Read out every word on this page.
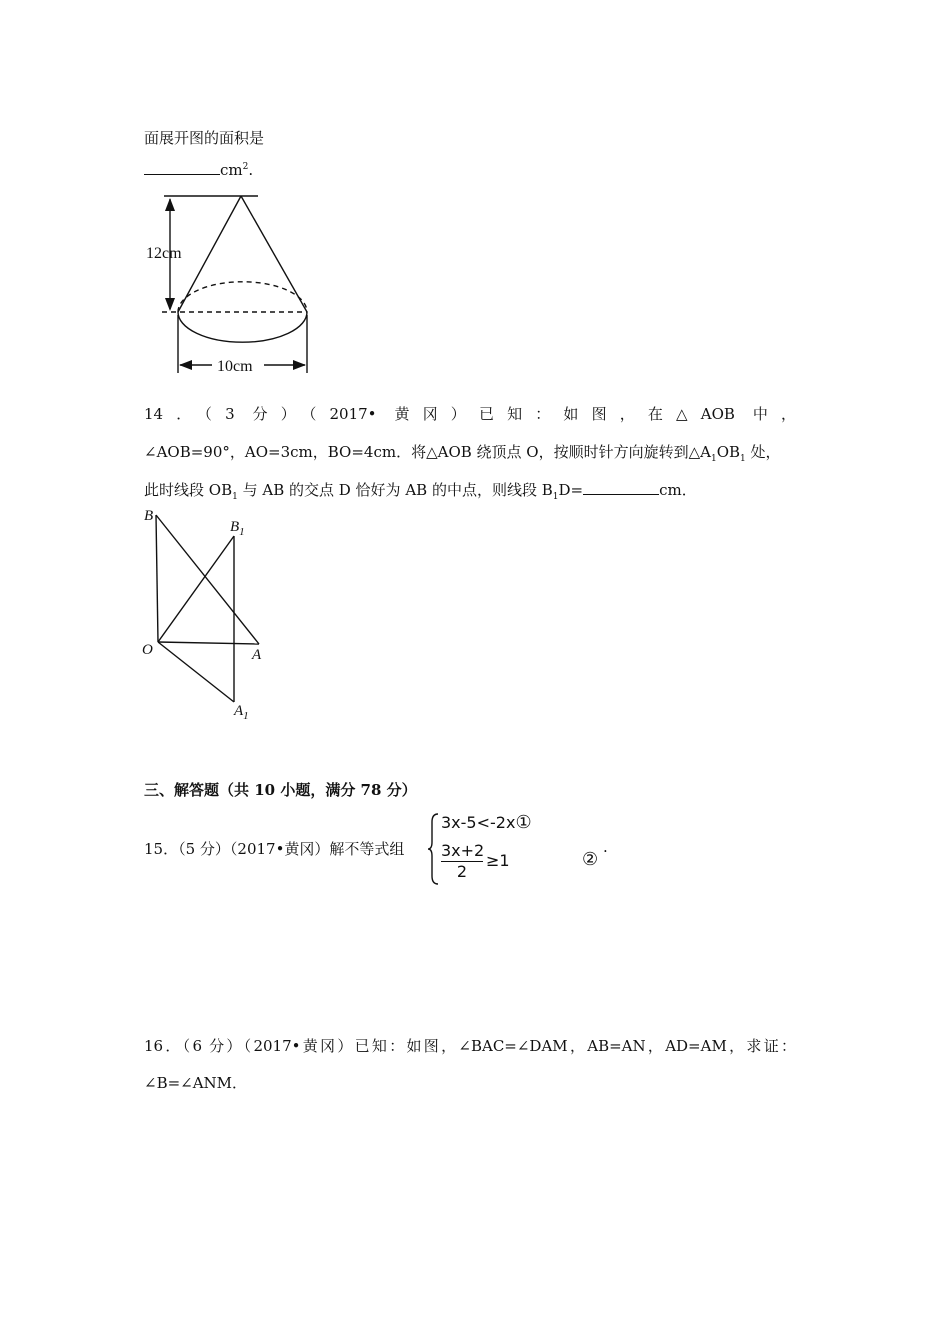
面展开图的面积是
$cm^2$.
12cm
10cm
14．（3 分）（2017• 黄冈）已知：如图，在△AOB 中，
∠AOB=90°，AO=3cm，BO=4cm．将△AOB 绕顶点 O，按顺时针方向旋转到$\triangle A_1OB_1$ 处，
此时线段 $OB_1$ 与 AB 的交点 D 恰好为 AB 的中点，则线段 $B_1D=$	cm．
B
$B_1$
O	A
$A_1$
三、解答题（共 10 小题，满分 78 分）
15．（5 分）（2017•黄冈）解不等式组
3x-5<-2x①
$\frac{3x+2}{2} \ge 1$	②
.
16．（6 分）（2017•黄冈）已知：如图，∠BAC=∠DAM，AB=AN，AD=AM，求证：
∠B=∠ANM．
